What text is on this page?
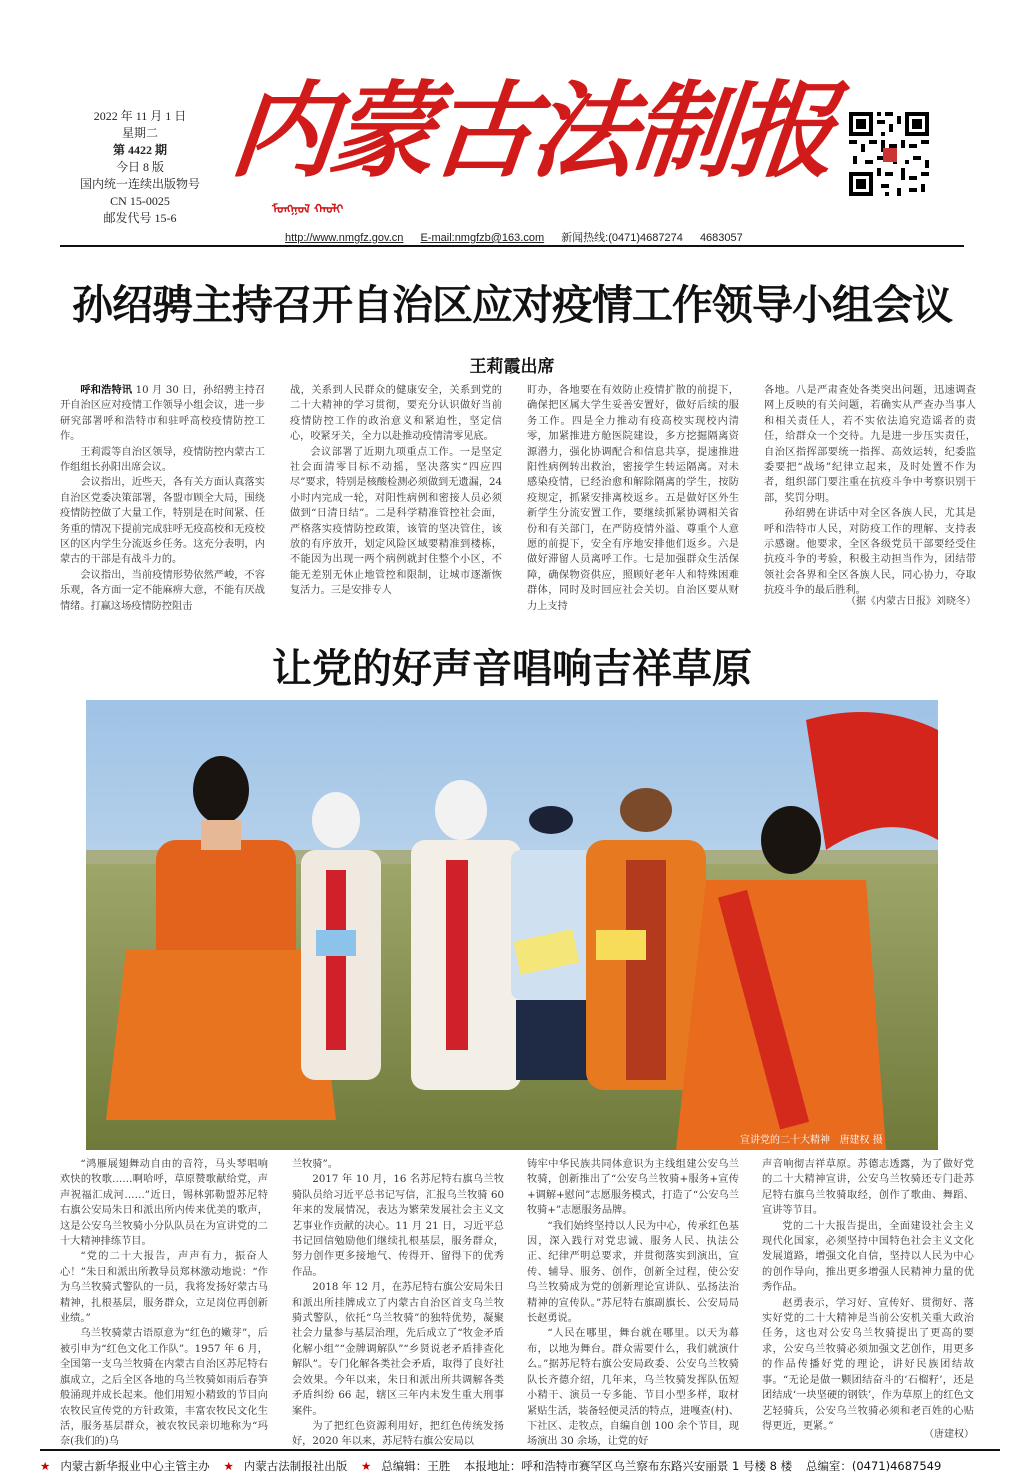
2022 年 11 月 1 日
星期二
第 4422 期
今日 8 版
国内统一连续出版物号
CN 15-0025
邮发代号 15-6
内蒙古法制报
ᠮᠣᠩᠭᠣᠯ ᠬᠠᠤᠯᠢ
http://www.nmgfz.gov.cn E-mail:nmgfzb@163.com 新闻热线:(0471)4687274 4683057
孙绍骋主持召开自治区应对疫情工作领导小组会议
王莉霞出席

呼和浩特讯 10 月 30 日，孙绍骋主持召开自治区应对疫情工作领导小组会议，进一步研究部署呼和浩特市和驻呼高校疫情防控工作。

王莉霞等自治区领导，疫情防控内蒙古工作组组长孙阳出席会议。

会议指出，近些天，各有关方面认真落实自治区党委决策部署，各盟市顾全大局，围绕疫情防控做了大量工作，特别是在时间紧、任务重的情况下提前完成驻呼无疫高校和无疫校区的区内学生分流返乡任务。这充分表明，内蒙古的干部是有战斗力的。

会议指出，当前疫情形势依然严峻，不容乐观，各方面一定不能麻痹大意，不能有厌战情绪。打赢这场疫情防控阻击

战，关系到人民群众的健康安全，关系到党的二十大精神的学习贯彻，要充分认识做好当前疫情防控工作的政治意义和紧迫性，坚定信心，咬紧牙关，全力以赴推动疫情清零见底。

会议部署了近期九项重点工作。一是坚定社会面清零目标不动摇，坚决落实“四应四尽”要求，特别是核酸检测必须做到无遗漏，24 小时内完成一轮，对阳性病例和密接人员必须做到“日清日结”。二是科学精准管控社会面，严格落实疫情防控政策，该管的坚决管住，该放的有序放开，划定风险区域要精准到楼栋，不能因为出现一两个病例就封住整个小区，不能无差别无休止地管控和限制，让城市逐渐恢复活力。三是安排专人

盯办，各地要在有效防止疫情扩散的前提下，确保把区属大学生妥善安置好，做好后续的服务工作。四是全力推动有疫高校实现校内清零，加紧推进方舱医院建设，多方挖掘隔离资源潜力，强化协调配合和信息共享，提速推进阳性病例转出救治，密接学生转运隔离。对未感染疫情，已经治愈和解除隔离的学生，按防疫规定，抓紧安排离校返乡。五是做好区外生新学生分流安置工作，要继续抓紧协调相关省份和有关部门，在严防疫情外溢、尊重个人意愿的前提下，安全有序地安排他们返乡。六是做好滞留人员离呼工作。七是加强群众生活保障，确保物资供应，照顾好老年人和特殊困难群体，同时及时回应社会关切。自治区要从财力上支持

各地。八是严肃查处各类突出问题，迅速调查网上反映的有关问题，若确实从严查办当事人和相关责任人，若不实依法追究造谣者的责任，给群众一个交待。九是进一步压实责任，自治区指挥部要统一指挥、高效运转，纪委监委要把“战场”纪律立起来，及时处置不作为者，组织部门要注重在抗疫斗争中考察识别干部，奖罚分明。

孙绍骋在讲话中对全区各族人民，尤其是呼和浩特市人民，对防疫工作的理解、支持表示感谢。他要求，全区各级党员干部要经受住抗疫斗争的考验，积极主动担当作为，团结带领社会各界和全区各族人民，同心协力，夺取抗疫斗争的最后胜利。

（据《内蒙古日报》刘晓冬）
让党的好声音唱响吉祥草原
宣讲党的二十大精神 唐建权 摄

“鸿雁展翅舞动自由的音符，马头琴唱响欢快的牧歌……啊哈呼，草原赞歌献给党，声声祝福汇成河……”近日，锡林郭勒盟苏尼特右旗公安局朱日和派出所内传来优美的歌声，这是公安乌兰牧骑小分队队员在为宣讲党的二十大精神排练节目。

“党的二十大报告，声声有力，振奋人心！”朱日和派出所教导员郑林激动地说：“作为乌兰牧骑式警队的一员，我将发扬好蒙古马精神，扎根基层，服务群众，立足岗位再创新业绩。”

乌兰牧骑蒙古语原意为“红色的嫩芽”，后被引申为“红色文化工作队”。1957 年 6 月，全国第一支乌兰牧骑在内蒙古自治区苏尼特右旗成立，之后全区各地的乌兰牧骑如雨后春笋般涌现并成长起来。他们用短小精致的节目向农牧民宣传党的方针政策，丰富农牧民文化生活，服务基层群众，被农牧民亲切地称为“玛奈(我们的)乌

兰牧骑”。

2017 年 10 月，16 名苏尼特右旗乌兰牧骑队员给习近平总书记写信，汇报乌兰牧骑 60 年来的发展情况，表达为繁荣发展社会主义文艺事业作贡献的决心。11 月 21 日，习近平总书记回信勉励他们继续扎根基层，服务群众，努力创作更多接地气、传得开、留得下的优秀作品。

2018 年 12 月，在苏尼特右旗公安局朱日和派出所挂牌成立了内蒙古自治区首支乌兰牧骑式警队，依托“乌兰牧骑”的独特优势，凝聚社会力量参与基层治理，先后成立了“牧金矛盾化解小组”“金牌调解队”“乡贤说老矛盾排查化解队”。专门化解各类社会矛盾，取得了良好社会效果。今年以来，朱日和派出所共调解各类矛盾纠纷 66 起，辖区三年内未发生重大刑事案件。

为了把红色资源利用好，把红色传统发扬好，2020 年以来，苏尼特右旗公安局以

铸牢中华民族共同体意识为主线组建公安乌兰牧骑，创新推出了“公安乌兰牧骑+服务+宣传+调解+慰问”志愿服务模式，打造了“公安乌兰牧骑+”志愿服务品牌。

“我们始终坚持以人民为中心，传承红色基因，深入践行对党忠诚、服务人民、执法公正、纪律严明总要求，并贯彻落实到演出，宣传、辅导、服务、创作，创新全过程，使公安乌兰牧骑成为党的创新理论宣讲队、弘扬法治精神的宣传队。”苏尼特右旗副旗长、公安局局长赵勇说。

“人民在哪里，舞台就在哪里。以天为幕布，以地为舞台。群众需要什么，我们就演什么。”据苏尼特右旗公安局政委、公安乌兰牧骑队长齐德介绍，几年来，乌兰牧骑发挥队伍短小精干、演员一专多能、节目小型多样，取材紧贴生活，装备轻便灵活的特点，进嘎查(村)、下社区、走牧点，自编自创 100 余个节目，现场演出 30 余场，让党的好

声音响彻吉祥草原。苏德志透露，为了做好党的二十大精神宣讲，公安乌兰牧骑还专门赴苏尼特右旗乌兰牧骑取经，创作了歌曲、舞蹈、宣讲等节目。

党的二十大报告提出，全面建设社会主义现代化国家，必须坚持中国特色社会主义文化发展道路，增强文化自信，坚持以人民为中心的创作导向，推出更多增强人民精神力量的优秀作品。

赵勇表示，学习好、宣传好、贯彻好、落实好党的二十大精神是当前公安机关重大政治任务，这也对公安乌兰牧骑提出了更高的要求，公安乌兰牧骑必须加强文艺创作，用更多的作品传播好党的理论，讲好民族团结故事。“无论是做一颗团结奋斗的‘石榴籽’，还是团结成‘一块坚硬的钢铁’，作为草原上的红色文艺轻骑兵，公安乌兰牧骑必须和老百姓的心贴得更近，更紧。”

（唐建权）
★ 内蒙古新华报业中心主管主办 ★ 内蒙古法制报社出版 ★ 总编辑：王胜 本报地址：呼和浩特市赛罕区乌兰察布东路兴安丽景 1 号楼 8 楼 总编室：(0471)4687549
